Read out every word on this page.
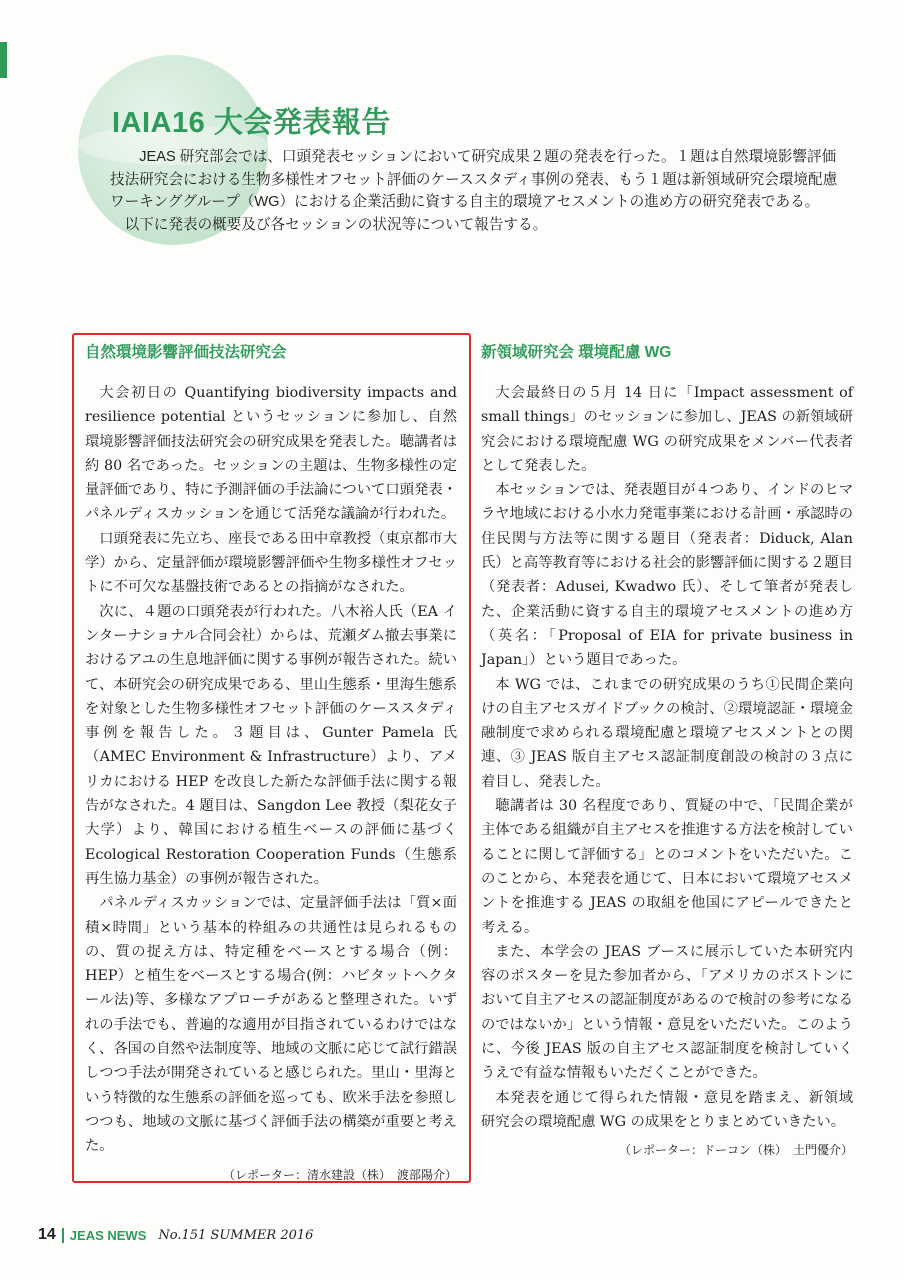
IAIA16 大会発表報告

JEAS 研究部会では、口頭発表セッションにおいて研究成果２題の発表を行った。１題は自然環境影響評価技法研究会における生物多様性オフセット評価のケーススタディ事例の発表、もう１題は新領域研究会環境配慮ワーキンググループ（WG）における企業活動に資する自主的環境アセスメントの進め方の研究発表である。

以下に発表の概要及び各セッションの状況等について報告する。

自然環境影響評価技法研究会

大会初日の Quantifying biodiversity impacts and resilience potential というセッションに参加し、自然環境影響評価技法研究会の研究成果を発表した。聴講者は約 80 名であった。セッションの主題は、生物多様性の定量評価であり、特に予測評価の手法論について口頭発表・パネルディスカッションを通じて活発な議論が行われた。

口頭発表に先立ち、座長である田中章教授（東京都市大学）から、定量評価が環境影響評価や生物多様性オフセットに不可欠な基盤技術であるとの指摘がなされた。

次に、４題の口頭発表が行われた。八木裕人氏（EA インターナショナル合同会社）からは、荒瀬ダム撤去事業におけるアユの生息地評価に関する事例が報告された。続いて、本研究会の研究成果である、里山生態系・里海生態系を対象とした生物多様性オフセット評価のケーススタディ事例を報告した。３題目は、Gunter Pamela 氏（AMEC Environment & Infrastructure）より、アメリカにおける HEP を改良した新たな評価手法に関する報告がなされた。4 題目は、Sangdon Lee 教授（梨花女子大学）より、韓国における植生ベースの評価に基づく Ecological Restoration Cooperation Funds（生態系再生協力基金）の事例が報告された。

パネルディスカッションでは、定量評価手法は「質×面積×時間」という基本的枠組みの共通性は見られるものの、質の捉え方は、特定種をベースとする場合（例：HEP）と植生をベースとする場合(例：ハビタットヘクタール法)等、多様なアプローチがあると整理された。いずれの手法でも、普遍的な適用が目指されているわけではなく、各国の自然や法制度等、地域の文脈に応じて試行錯誤しつつ手法が開発されていると感じられた。里山・里海という特徴的な生態系の評価を巡っても、欧米手法を参照しつつも、地域の文脈に基づく評価手法の構築が重要と考えた。

（レポーター：清水建設（株）　渡部陽介）
新領域研究会 環境配慮 WG

大会最終日の５月 14 日に「Impact assessment of small things」のセッションに参加し、JEAS の新領域研究会における環境配慮 WG の研究成果をメンバー代表者として発表した。

本セッションでは、発表題目が４つあり、インドのヒマラヤ地域における小水力発電事業における計画・承認時の住民関与方法等に関する題目（発表者：Diduck, Alan 氏）と高等教育等における社会的影響評価に関する２題目（発表者：Adusei, Kwadwo 氏）、そして筆者が発表した、企業活動に資する自主的環境アセスメントの進め方（英名：「Proposal of EIA for private business in Japan」）という題目であった。

本 WG では、これまでの研究成果のうち①民間企業向けの自主アセスガイドブックの検討、②環境認証・環境金融制度で求められる環境配慮と環境アセスメントとの関連、③ JEAS 版自主アセス認証制度創設の検討の３点に着目し、発表した。

聴講者は 30 名程度であり、質疑の中で、「民間企業が主体である組織が自主アセスを推進する方法を検討していることに関して評価する」とのコメントをいただいた。このことから、本発表を通じて、日本において環境アセスメントを推進する JEAS の取組を他国にアピールできたと考える。

また、本学会の JEAS ブースに展示していた本研究内容のポスターを見た参加者から、「アメリカのボストンにおいて自主アセスの認証制度があるので検討の参考になるのではないか」という情報・意見をいただいた。このように、今後 JEAS 版の自主アセス認証制度を検討していくうえで有益な情報もいただくことができた。

本発表を通じて得られた情報・意見を踏まえ、新領域研究会の環境配慮 WG の成果をとりまとめていきたい。

（レポーター：ドーコン（株）　土門優介）
14 JEAS NEWS No.151 SUMMER 2016
